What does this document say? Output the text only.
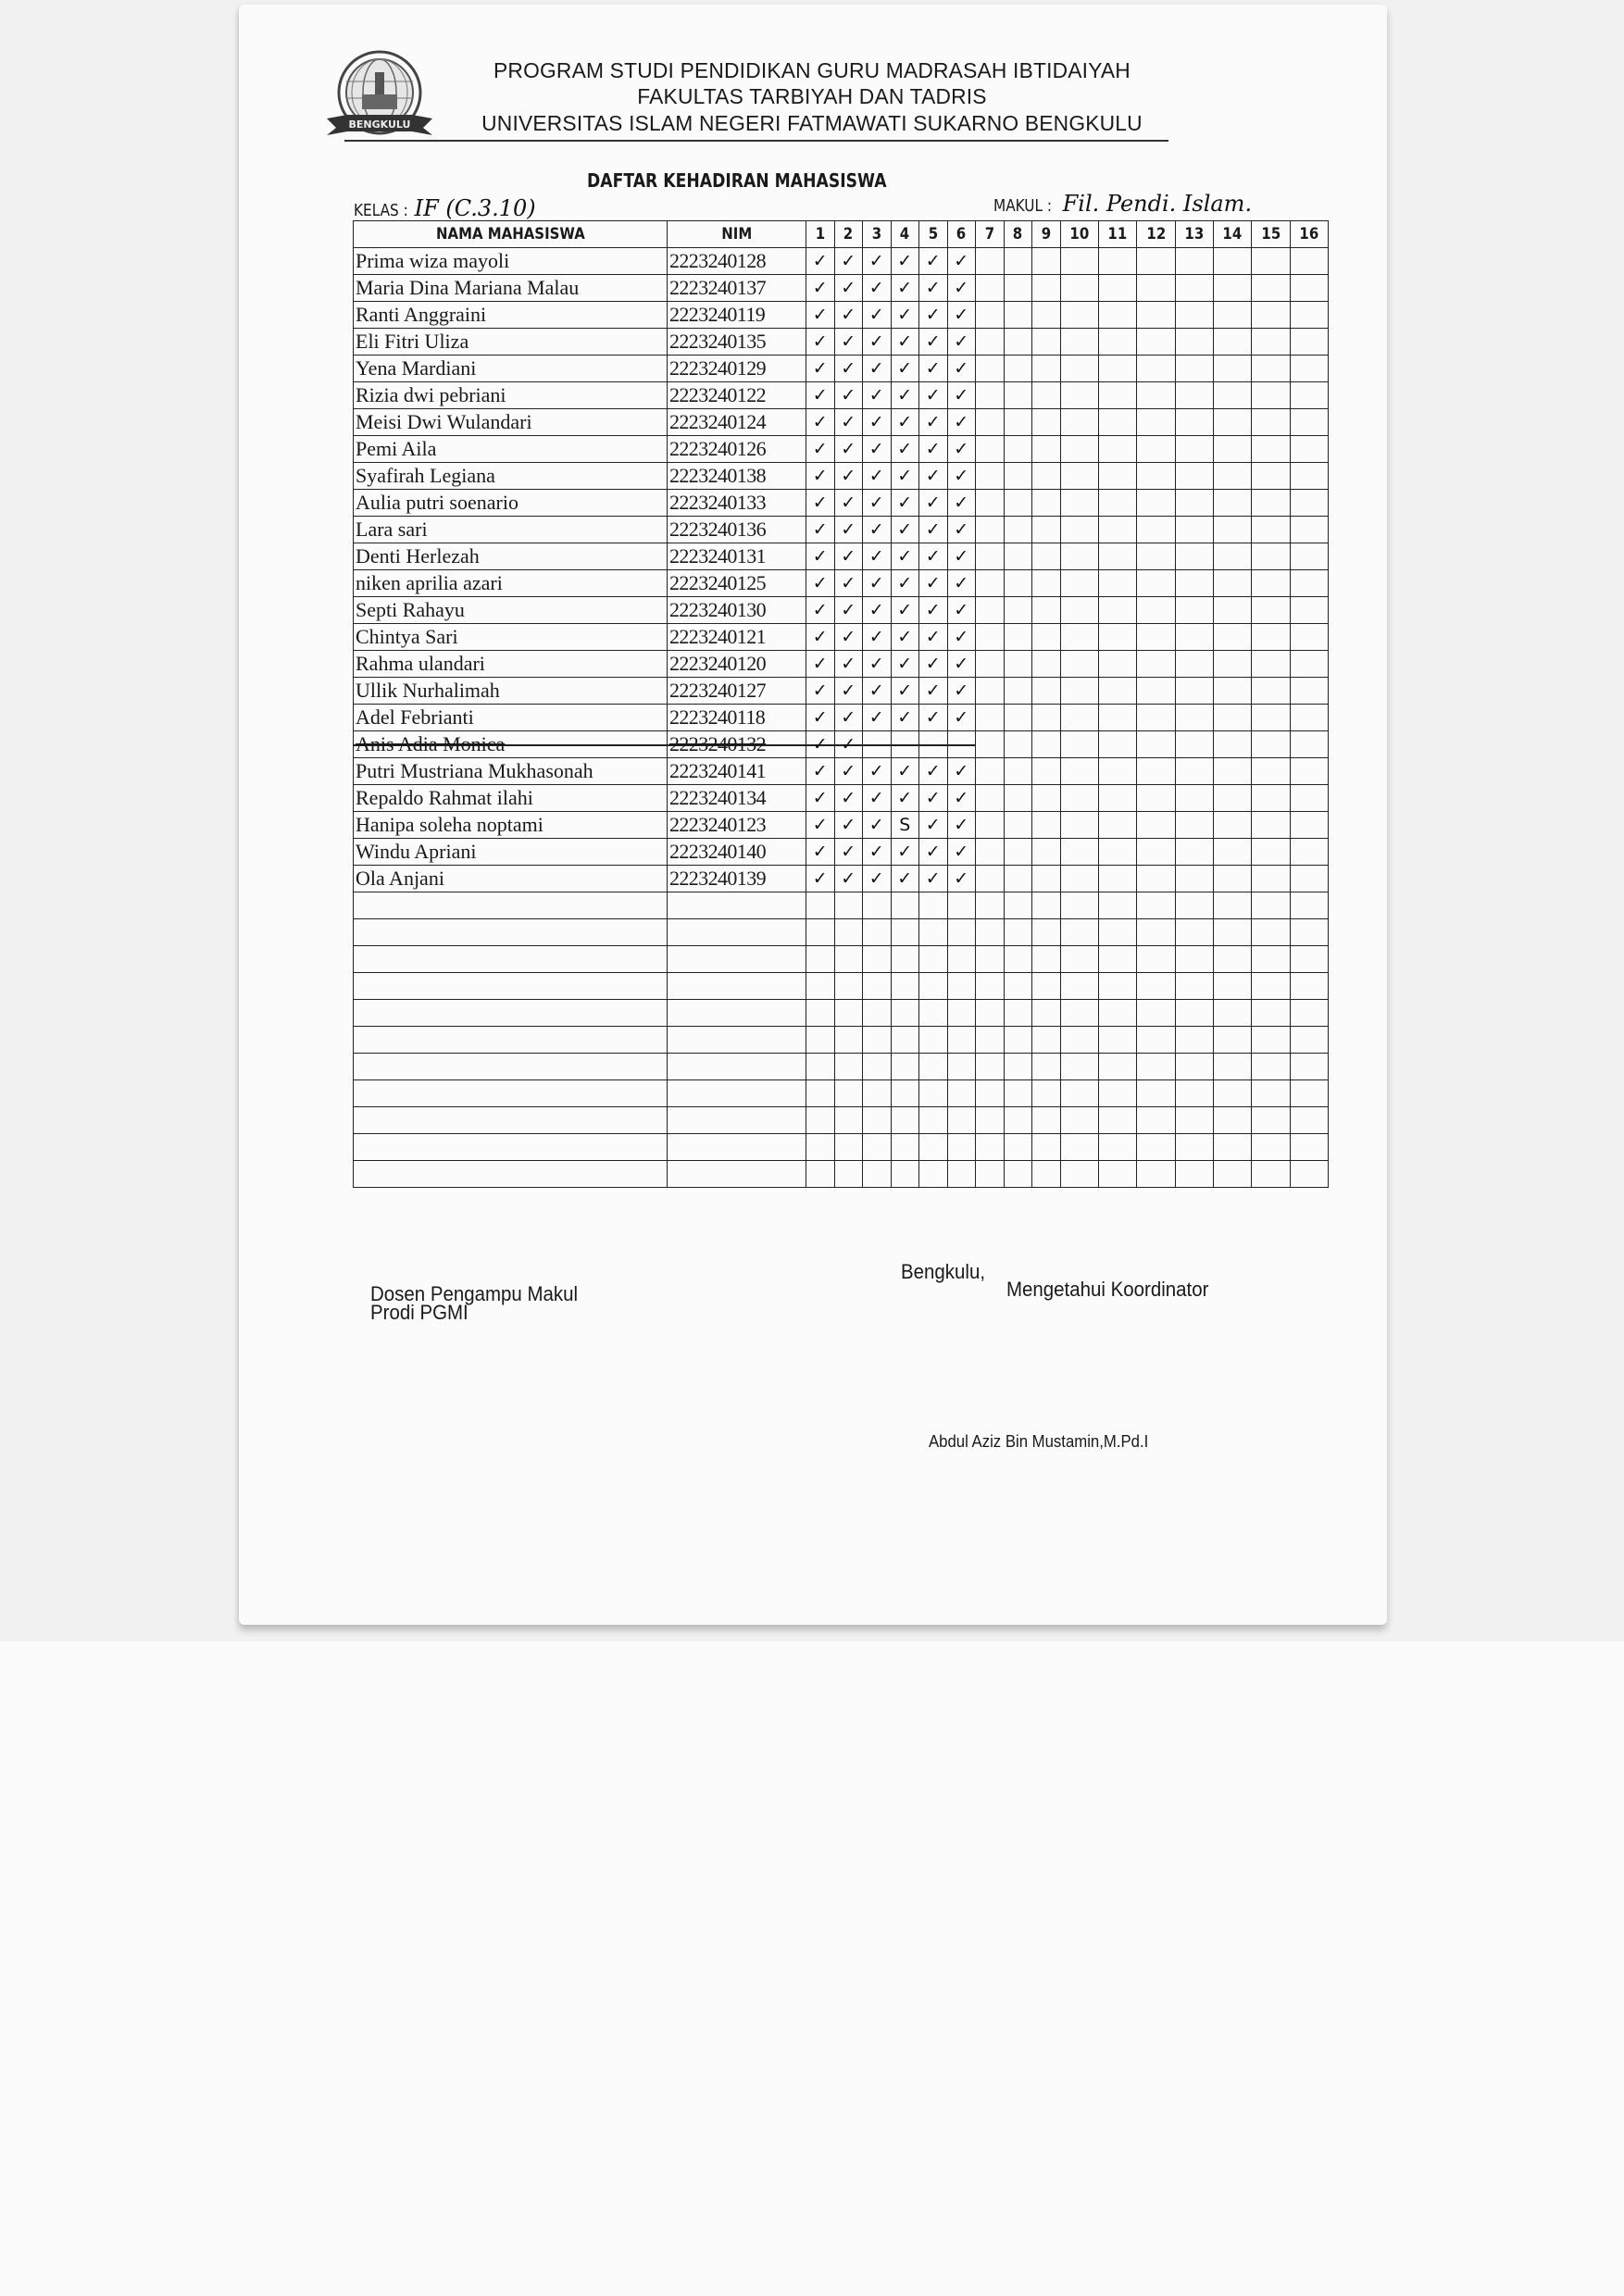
BENGKULU
PROGRAM STUDI PENDIDIKAN GURU MADRASAH IBTIDAIYAH
FAKULTAS TARBIYAH DAN TADRIS
UNIVERSITAS ISLAM NEGERI FATMAWATI SUKARNO BENGKULU
DAFTAR KEHADIRAN MAHASISWA
KELAS : IF (C.3.10)	MAKUL : Fil. Pendi. Islam.
NAMA MAHASISWA	NIM	1	2	3	4	5	6	7	8	9	10	11	12	13	14	15	16
Prima wiza mayoli	2223240128	✓	✓	✓	✓	✓	✓										
Maria Dina Mariana Malau	2223240137	✓	✓	✓	✓	✓	✓										
Ranti Anggraini	2223240119	✓	✓	✓	✓	✓	✓										
Eli Fitri Uliza	2223240135	✓	✓	✓	✓	✓	✓										
Yena Mardiani	2223240129	✓	✓	✓	✓	✓	✓										
Rizia dwi pebriani	2223240122	✓	✓	✓	✓	✓	✓										
Meisi Dwi Wulandari	2223240124	✓	✓	✓	✓	✓	✓										
Pemi Aila	2223240126	✓	✓	✓	✓	✓	✓										
Syafirah Legiana	2223240138	✓	✓	✓	✓	✓	✓										
Aulia putri soenario	2223240133	✓	✓	✓	✓	✓	✓										
Lara sari	2223240136	✓	✓	✓	✓	✓	✓										
Denti Herlezah	2223240131	✓	✓	✓	✓	✓	✓										
niken aprilia azari	2223240125	✓	✓	✓	✓	✓	✓										
Septi Rahayu	2223240130	✓	✓	✓	✓	✓	✓										
Chintya Sari	2223240121	✓	✓	✓	✓	✓	✓										
Rahma ulandari	2223240120	✓	✓	✓	✓	✓	✓										
Ullik Nurhalimah	2223240127	✓	✓	✓	✓	✓	✓										
Adel Febrianti	2223240118	✓	✓	✓	✓	✓	✓										
Anis Adia Monica	2223240132	✓	✓														
Putri Mustriana Mukhasonah	2223240141	✓	✓	✓	✓	✓	✓										
Repaldo Rahmat ilahi	2223240134	✓	✓	✓	✓	✓	✓										
Hanipa soleha noptami	2223240123	✓	✓	✓	S	✓	✓										
Windu Apriani	2223240140	✓	✓	✓	✓	✓	✓										
Ola Anjani	2223240139	✓	✓	✓	✓	✓	✓										

Bengkulu,
Mengetahui Koordinator
Dosen Pengampu Makul
Prodi PGMI
Abdul Aziz Bin Mustamin,M.Pd.I
